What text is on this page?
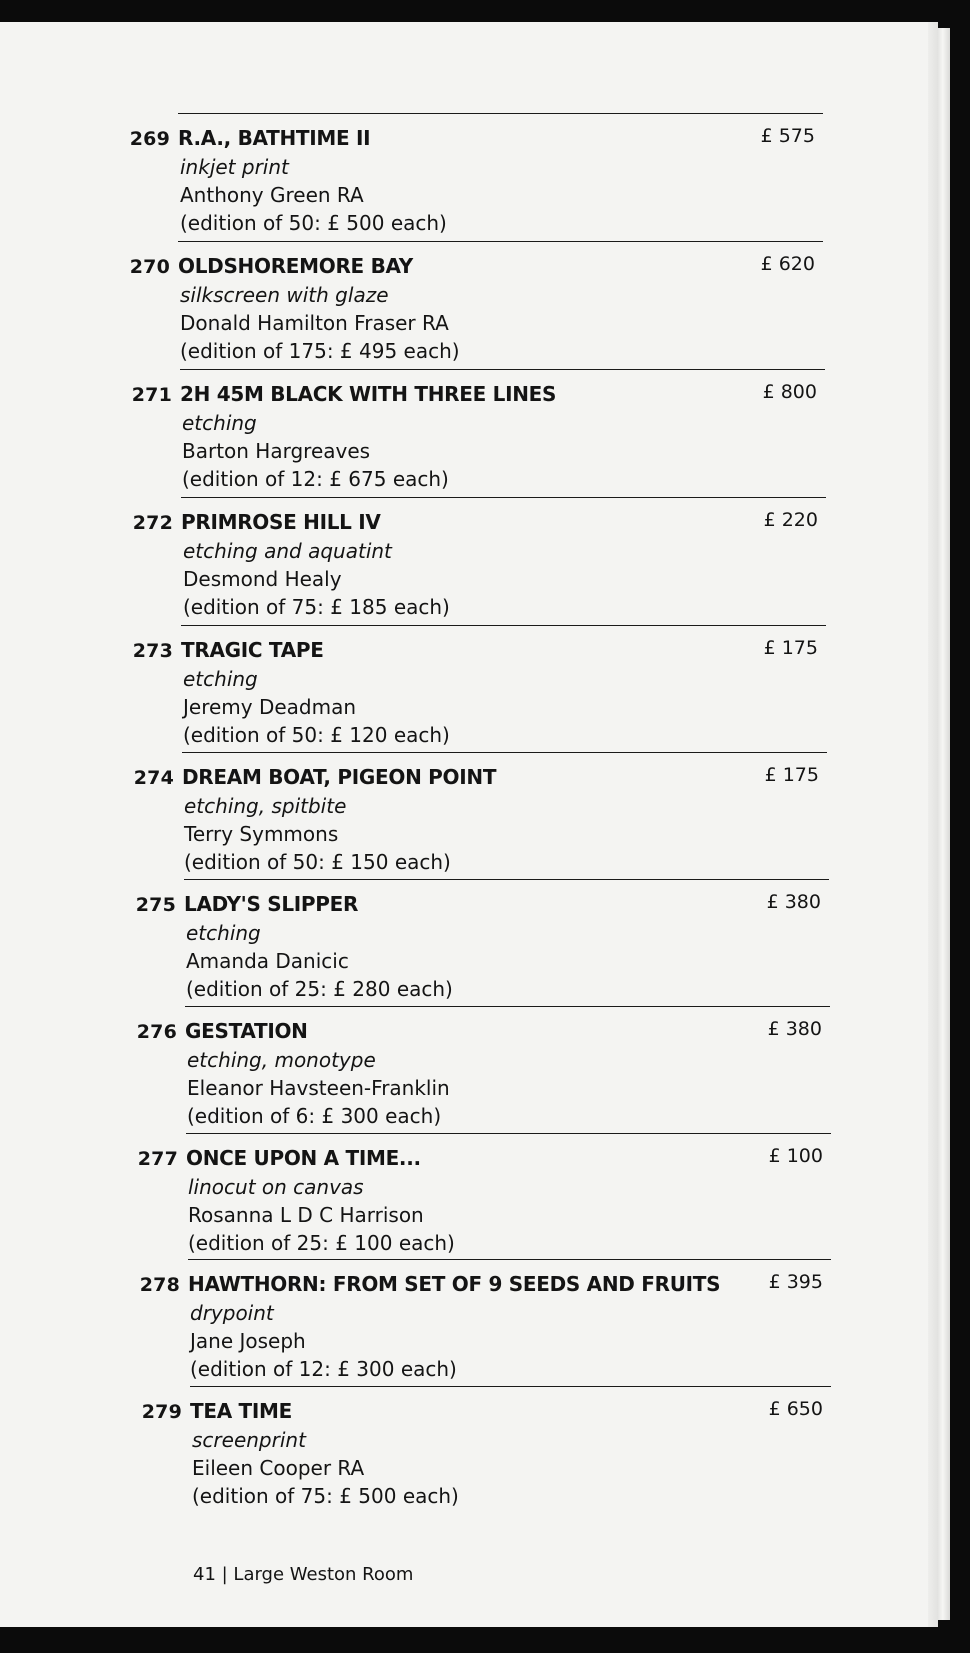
269 R.A., BATHTIME II
inkjet print
Anthony Green RA
(edition of 50: £ 500 each)
£ 575
270 OLDSHOREMORE BAY
silkscreen with glaze
Donald Hamilton Fraser RA
(edition of 175: £ 495 each)
£ 620
271 2H 45M BLACK WITH THREE LINES
etching
Barton Hargreaves
(edition of 12: £ 675 each)
£ 800
272 PRIMROSE HILL IV
etching and aquatint
Desmond Healy
(edition of 75: £ 185 each)
£ 220
273 TRAGIC TAPE
etching
Jeremy Deadman
(edition of 50: £ 120 each)
£ 175
274 DREAM BOAT, PIGEON POINT
etching, spitbite
Terry Symmons
(edition of 50: £ 150 each)
£ 175
275 LADY'S SLIPPER
etching
Amanda Danicic
(edition of 25: £ 280 each)
£ 380
276 GESTATION
etching, monotype
Eleanor Havsteen-Franklin
(edition of 6: £ 300 each)
£ 380
277 ONCE UPON A TIME...
linocut on canvas
Rosanna L D C Harrison
(edition of 25: £ 100 each)
£ 100
278 HAWTHORN: FROM SET OF 9 SEEDS AND FRUITS
drypoint
Jane Joseph
(edition of 12: £ 300 each)
£ 395
279 TEA TIME
screenprint
Eileen Cooper RA
(edition of 75: £ 500 each)
£ 650
41 | Large Weston Room
